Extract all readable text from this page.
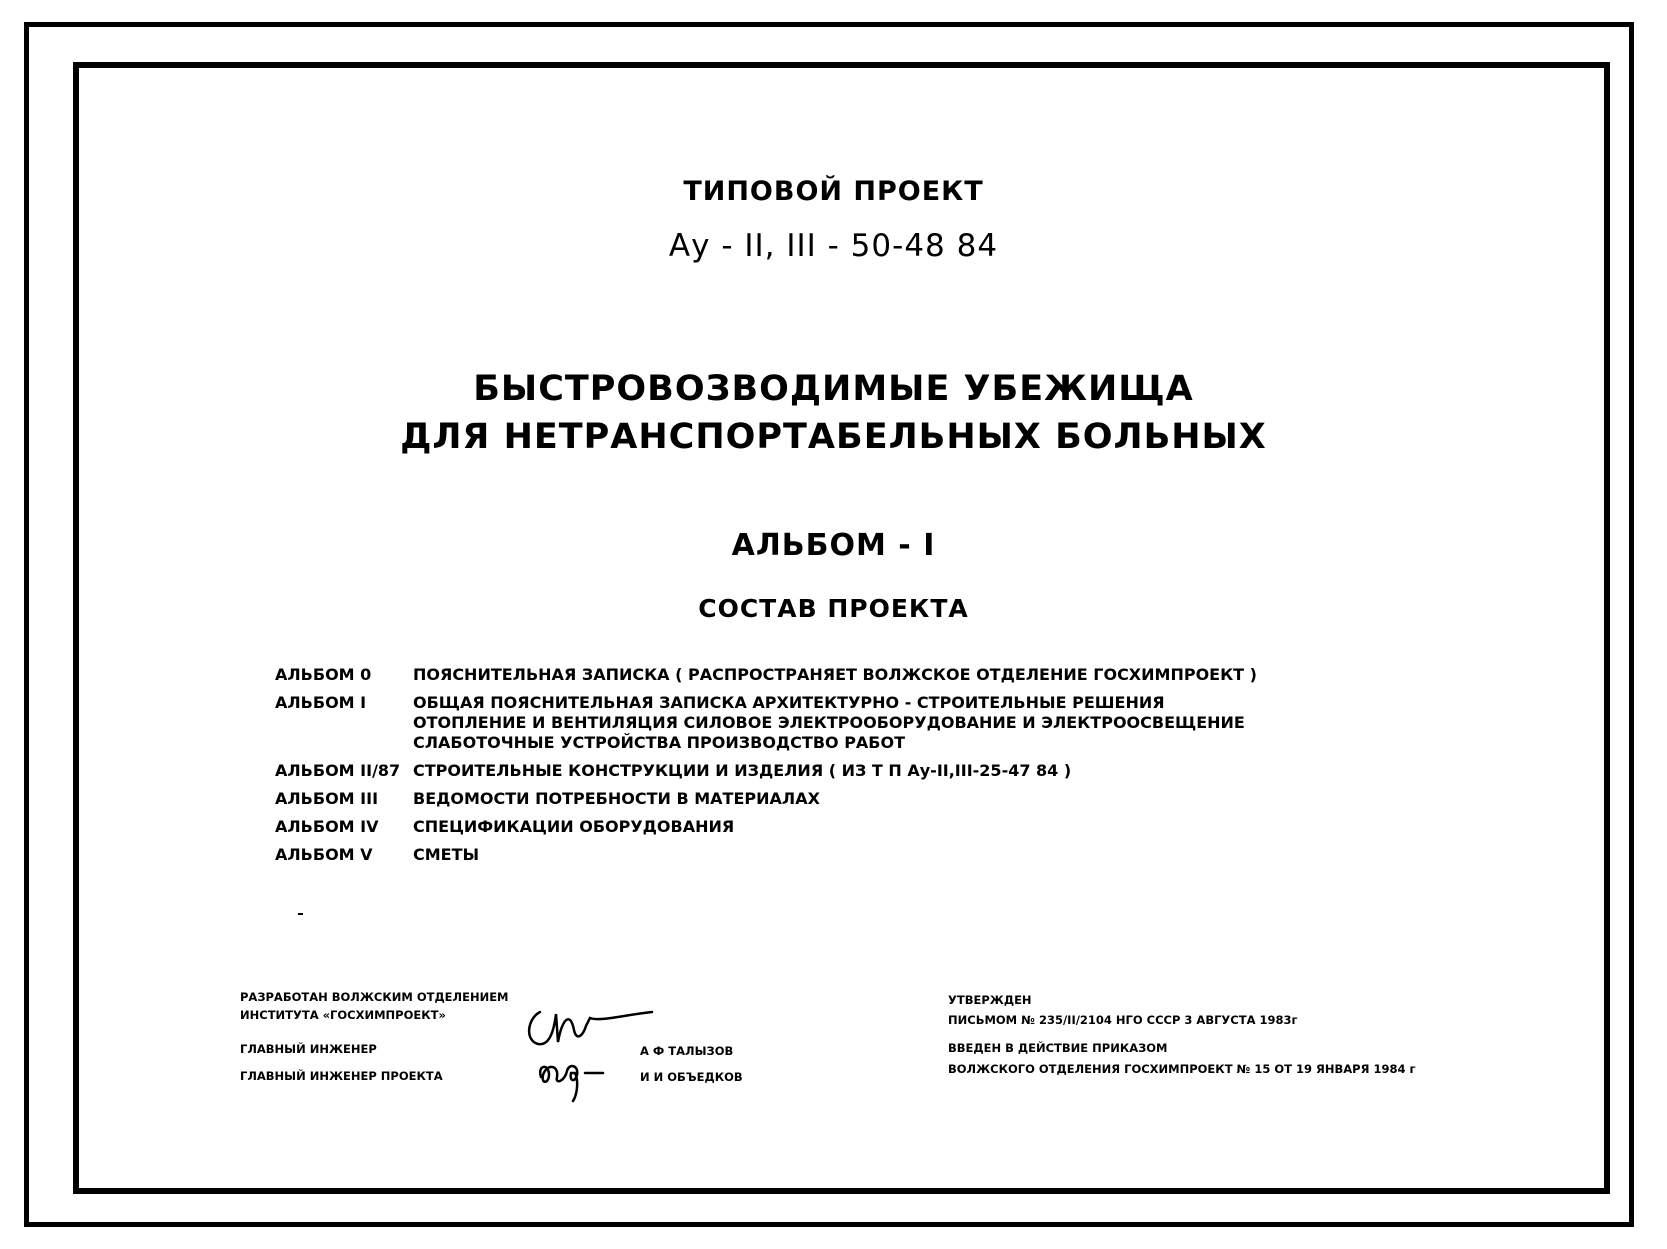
ТИПОВОЙ ПРОЕКТ
Ау - II, III - 50-48 84
БЫСТРОВОЗВОДИМЫЕ УБЕЖИЩА
ДЛЯ НЕТРАНСПОРТАБЕЛЬНЫХ БОЛЬНЫХ
АЛЬБОМ - I
СОСТАВ ПРОЕКТА
АЛЬБОМ 0	ПОЯСНИТЕЛЬНАЯ ЗАПИСКА ( РАСПРОСТРАНЯЕТ ВОЛЖСКОЕ ОТДЕЛЕНИЕ ГОСХИМПРОЕКТ )
АЛЬБОМ I	ОБЩАЯ ПОЯСНИТЕЛЬНАЯ ЗАПИСКА АРХИТЕКТУРНО - СТРОИТЕЛЬНЫЕ РЕШЕНИЯ
ОТОПЛЕНИЕ И ВЕНТИЛЯЦИЯ СИЛОВОЕ ЭЛЕКТРООБОРУДОВАНИЕ И ЭЛЕКТРООСВЕЩЕНИЕ
СЛАБОТОЧНЫЕ УСТРОЙСТВА ПРОИЗВОДСТВО РАБОТ
АЛЬБОМ II/87 СТРОИТЕЛЬНЫЕ КОНСТРУКЦИИ И ИЗДЕЛИЯ ( ИЗ Т П Ау-II,III-25-47 84 )
АЛЬБОМ III	ВЕДОМОСТИ ПОТРЕБНОСТИ В МАТЕРИАЛАХ
АЛЬБОМ IV	СПЕЦИФИКАЦИИ ОБОРУДОВАНИЯ
АЛЬБОМ V	СМЕТЫ
РАЗРАБОТАН ВОЛЖСКИМ ОТДЕЛЕНИЕМ
ИНСТИТУТА «ГОСХИМПРОЕКТ»
ГЛАВНЫЙ ИНЖЕНЕР
ГЛАВНЫЙ ИНЖЕНЕР ПРОЕКТА
А Ф ТАЛЫЗОВ
И И ОБЪЕДКОВ
УТВЕРЖДЕН
ПИСЬМОМ № 235/II/2104 НГО СССР 3 АВГУСТА 1983г
ВВЕДЕН В ДЕЙСТВИЕ ПРИКАЗОМ
ВОЛЖСКОГО ОТДЕЛЕНИЯ ГОСХИМПРОЕКТ № 15 ОТ 19 ЯНВАРЯ 1984 г
